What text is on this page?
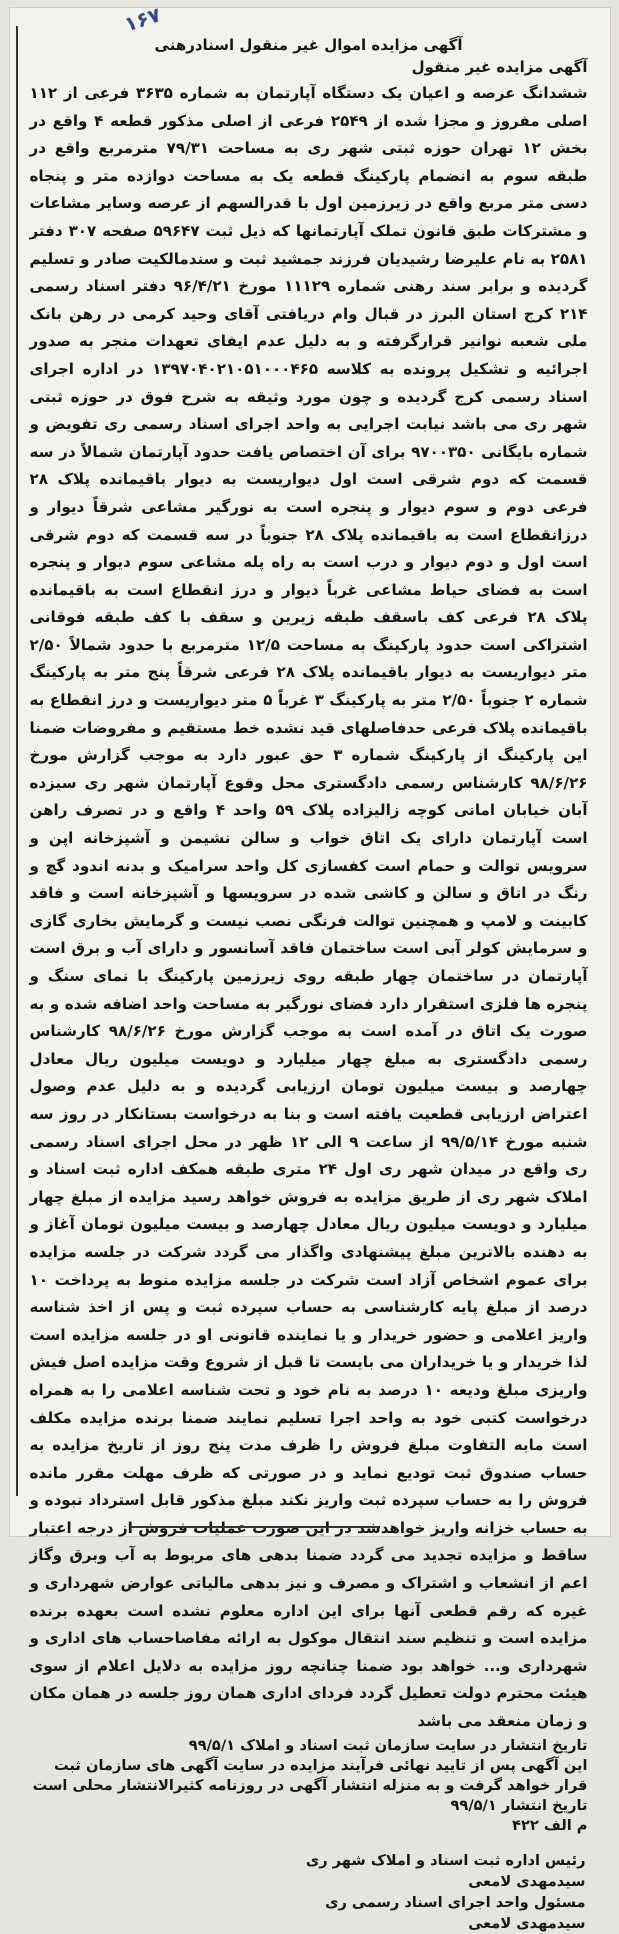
۱۶۷
آگهی مزایده اموال غیر منقول اسنادرهنی
آگهی مزایده غیر منقول

ششدانگ عرصه و اعیان یک دستگاه آپارتمان به شماره ۳۶۳۵ فرعی از ۱۱۲ اصلی مفروز و مجزا شده از ۲۵۴۹ فرعی از اصلی مذکور قطعه ۴ واقع در بخش ۱۲ تهران حوزه ثبتی شهر ری به مساحت ۷۹/۳۱ مترمربع واقع در طبقه سوم به انضمام پارکینگ قطعه یک به مساحت دوازده متر و پنجاه دسی متر مربع واقع در زیرزمین اول با قدرالسهم از عرصه وسایر مشاعات و مشترکات طبق قانون تملک آپارتمانها که ذیل ثبت ۵۹۶۴۷ صفحه ۳۰۷ دفتر ۲۵۸۱ به نام علیرضا رشیدیان فرزند جمشید ثبت و سندمالکیت صادر و تسلیم گردیده و برابر سند رهنی شماره ۱۱۱۲۹ مورخ ۹۶/۴/۲۱ دفتر اسناد رسمی ۲۱۴ کرج استان البرز در قبال وام دریافتی آقای وحید کرمی در رهن بانک ملی شعبه نوانیر قرارگرفته و به دلیل عدم ایفای تعهدات منجر به صدور اجرائیه و تشکیل پرونده به کلاسه ۱۳۹۷۰۴۰۲۱۰۵۱۰۰۰۴۶۵ در اداره اجرای اسناد رسمی کرج گردیده و چون مورد وثیقه به شرح فوق در حوزه ثبتی شهر ری می باشد نیابت اجرایی به واحد اجرای اسناد رسمی ری تفویض و شماره بایگانی ۹۷۰۰۳۵۰ برای آن اختصاص یافت حدود آپارتمان شمالاً در سه قسمت که دوم شرقی است اول دیواریست به دیوار باقیمانده پلاک ۲۸ فرعی دوم و سوم دیوار و پنجره است به نورگیر مشاعی شرقاً دیوار و درزانقطاع است به باقیمانده پلاک ۲۸ جنوباً در سه قسمت که دوم شرقی است اول و دوم دیوار و درب است به راه پله مشاعی سوم دیوار و پنجره است به فضای حیاط مشاعی غرباً دیوار و درز انقطاع است به باقیمانده پلاک ۲۸ فرعی کف باسقف طبقه زیرین و سقف با کف طبقه فوقانی اشتراکی است حدود پارکینگ به مساحت ۱۲/۵ مترمربع با حدود شمالاً ۲/۵۰ متر دیواریست به دیوار باقیمانده پلاک ۲۸ فرعی شرقاً پنج متر به پارکینگ شماره ۲ جنوباً ۲/۵۰ متر به پارکینگ ۳ غرباً ۵ متر دیواریست و درز انقطاع به باقیمانده پلاک فرعی حدفاصلهای قید نشده خط مستقیم و مفروضات ضمنا این پارکینگ از پارکینگ شماره ۳ حق عبور دارد به موجب گزارش مورخ ۹۸/۶/۲۶ کارشناس رسمی دادگستری محل وقوع آپارتمان شهر ری سیزده آبان خیابان امانی کوچه زالیزاده پلاک ۵۹ واحد ۴ واقع و در تصرف راهن است آپارتمان دارای یک اتاق خواب و سالن نشیمن و آشپزخانه اپن و سرویس توالت و حمام است کفسازی کل واحد سرامیک و بدنه اندود گچ و رنگ در اتاق و سالن و کاشی شده در سرویسها و آشپزخانه است و فاقد کابینت و لامپ و همچنین توالت فرنگی نصب نیست و گرمایش بخاری گازی و سرمایش کولر آبی است ساختمان فاقد آسانسور و دارای آب و برق است آپارتمان در ساختمان چهار طبقه روی زیرزمین پارکینگ با نمای سنگ و پنجره ها فلزی استقرار دارد فضای نورگیر به مساحت واحد اضافه شده و به صورت یک اتاق در آمده است به موجب گزارش مورخ ۹۸/۶/۲۶ کارشناس رسمی دادگستری به مبلغ چهار میلیارد و دویست میلیون ریال معادل چهارصد و بیست میلیون تومان ارزیابی گردیده و به دلیل عدم وصول اعتراض ارزیابی قطعیت یافته است و بنا به درخواست بستانکار در روز سه شنبه مورخ ۹۹/۵/۱۴ از ساعت ۹ الی ۱۲ ظهر در محل اجرای اسناد رسمی ری واقع در میدان شهر ری اول ۲۴ متری طبقه همکف اداره ثبت اسناد و املاک شهر ری از طریق مزایده به فروش خواهد رسید مزایده از مبلغ چهار میلیارد و دویست میلیون ریال معادل چهارصد و بیست میلیون تومان آغاز و به دهنده بالاترین مبلغ پیشنهادی واگذار می گردد شرکت در جلسه مزایده برای عموم اشخاص آزاد است شرکت در جلسه مزایده منوط به پرداخت ۱۰ درصد از مبلغ پایه کارشناسی به حساب سپرده ثبت و پس از اخذ شناسه واریز اعلامی و حضور خریدار و یا نماینده قانونی او در جلسه مزایده است لذا خریدار و یا خریداران می بایست تا قبل از شروع وقت مزایده اصل فیش واریزی مبلغ ودیعه ۱۰ درصد به نام خود و تحت شناسه اعلامی را به همراه درخواست کتبی خود به واحد اجرا تسلیم نمایند ضمنا برنده مزایده مکلف است مابه التفاوت مبلغ فروش را ظرف مدت پنج روز از تاریخ مزایده به حساب صندوق ثبت تودیع نماید و در صورتی که ظرف مهلت مقرر مانده فروش را به حساب سپرده ثبت واریز نکند مبلغ مذکور قابل استرداد نبوده و به حساب خزانه واریز خواهدشد در این صورت عملیات فروش از درجه اعتبار ساقط و مزایده تجدید می گردد ضمنا بدهی های مربوط به آب وبرق وگاز اعم از انشعاب و اشتراک و مصرف و نیز بدهی مالیاتی عوارض شهرداری و غیره که رقم قطعی آنها برای این اداره معلوم نشده است بعهده برنده مزایده است و تنظیم سند انتقال موکول به ارائه مفاصاحساب های اداری و شهرداری و... خواهد بود ضمنا چنانچه روز مزایده به دلایل اعلام از سوی هیئت محترم دولت تعطیل گردد فردای اداری همان روز جلسه در همان مکان و زمان منعقد می باشد

تاریخ انتشار در سایت سازمان ثبت اسناد و املاک ۹۹/۵/۱

این آگهی پس از تایید نهائی فرآیند مزایده در سایت آگهی های سازمان ثبت قرار خواهد گرفت و به منزله انتشار آگهی در روزنامه کثیرالانتشار محلی است

تاریخ انتشار ۹۹/۵/۱

م الف ۴۲۲

رئیس اداره ثبت اسناد و املاک شهر ری

سیدمهدی لامعی

مسئول واحد اجرای اسناد رسمی ری

سیدمهدی لامعی
